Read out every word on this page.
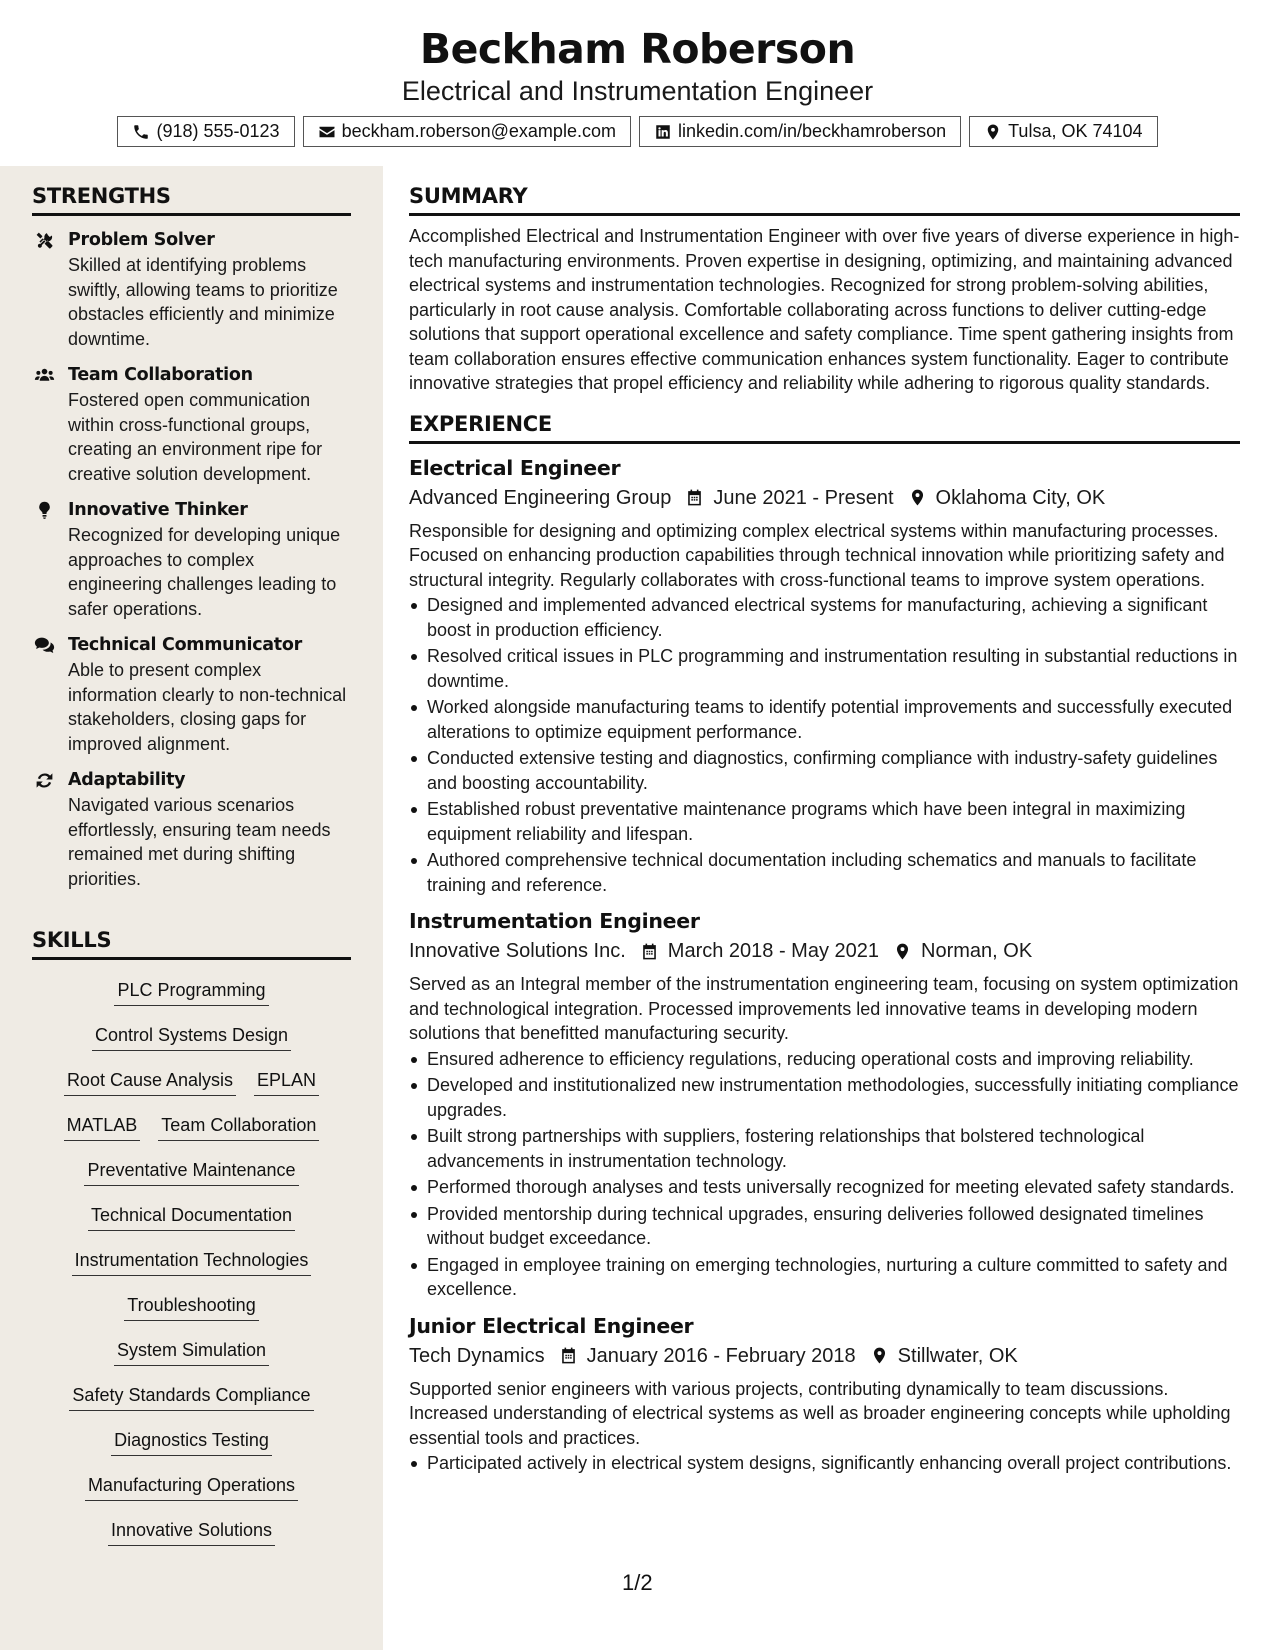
Beckham Roberson
Electrical and Instrumentation Engineer
(918) 555-0123	beckham.roberson@example.com	linkedin.com/in/beckhamroberson	Tulsa, OK 74104
STRENGTHS
Problem Solver
Skilled at identifying problems swiftly, allowing teams to prioritize obstacles efficiently and minimize downtime.
Team Collaboration
Fostered open communication within cross-functional groups, creating an environment ripe for creative solution development.
Innovative Thinker
Recognized for developing unique approaches to complex engineering challenges leading to safer operations.
Technical Communicator
Able to present complex information clearly to non-technical stakeholders, closing gaps for improved alignment.
Adaptability
Navigated various scenarios effortlessly, ensuring team needs remained met during shifting priorities.
SKILLS
PLC Programming
Control Systems Design
Root Cause Analysis EPLAN
MATLAB Team Collaboration
Preventative Maintenance
Technical Documentation
Instrumentation Technologies
Troubleshooting
System Simulation
Safety Standards Compliance
Diagnostics Testing
Manufacturing Operations
Innovative Solutions
SUMMARY
Accomplished Electrical and Instrumentation Engineer with over five years of diverse experience in high-tech manufacturing environments. Proven expertise in designing, optimizing, and maintaining advanced electrical systems and instrumentation technologies. Recognized for strong problem-solving abilities, particularly in root cause analysis. Comfortable collaborating across functions to deliver cutting-edge solutions that support operational excellence and safety compliance. Time spent gathering insights from team collaboration ensures effective communication enhances system functionality. Eager to contribute innovative strategies that propel efficiency and reliability while adhering to rigorous quality standards.
EXPERIENCE
Electrical Engineer
Advanced Engineering Group June 2021 - Present Oklahoma City, OK
Responsible for designing and optimizing complex electrical systems within manufacturing processes. Focused on enhancing production capabilities through technical innovation while prioritizing safety and structural integrity. Regularly collaborates with cross-functional teams to improve system operations.
Designed and implemented advanced electrical systems for manufacturing, achieving a significant boost in production efficiency.
Resolved critical issues in PLC programming and instrumentation resulting in substantial reductions in downtime.
Worked alongside manufacturing teams to identify potential improvements and successfully executed alterations to optimize equipment performance.
Conducted extensive testing and diagnostics, confirming compliance with industry-safety guidelines and boosting accountability.
Established robust preventative maintenance programs which have been integral in maximizing equipment reliability and lifespan.
Authored comprehensive technical documentation including schematics and manuals to facilitate training and reference.
Instrumentation Engineer
Innovative Solutions Inc. March 2018 - May 2021 Norman, OK
Served as an Integral member of the instrumentation engineering team, focusing on system optimization and technological integration. Processed improvements led innovative teams in developing modern solutions that benefitted manufacturing security.
Ensured adherence to efficiency regulations, reducing operational costs and improving reliability.
Developed and institutionalized new instrumentation methodologies, successfully initiating compliance upgrades.
Built strong partnerships with suppliers, fostering relationships that bolstered technological advancements in instrumentation technology.
Performed thorough analyses and tests universally recognized for meeting elevated safety standards.
Provided mentorship during technical upgrades, ensuring deliveries followed designated timelines without budget exceedance.
Engaged in employee training on emerging technologies, nurturing a culture committed to safety and excellence.
Junior Electrical Engineer
Tech Dynamics January 2016 - February 2018 Stillwater, OK
Supported senior engineers with various projects, contributing dynamically to team discussions. Increased understanding of electrical systems as well as broader engineering concepts while upholding essential tools and practices.
Participated actively in electrical system designs, significantly enhancing overall project contributions.
1/2
